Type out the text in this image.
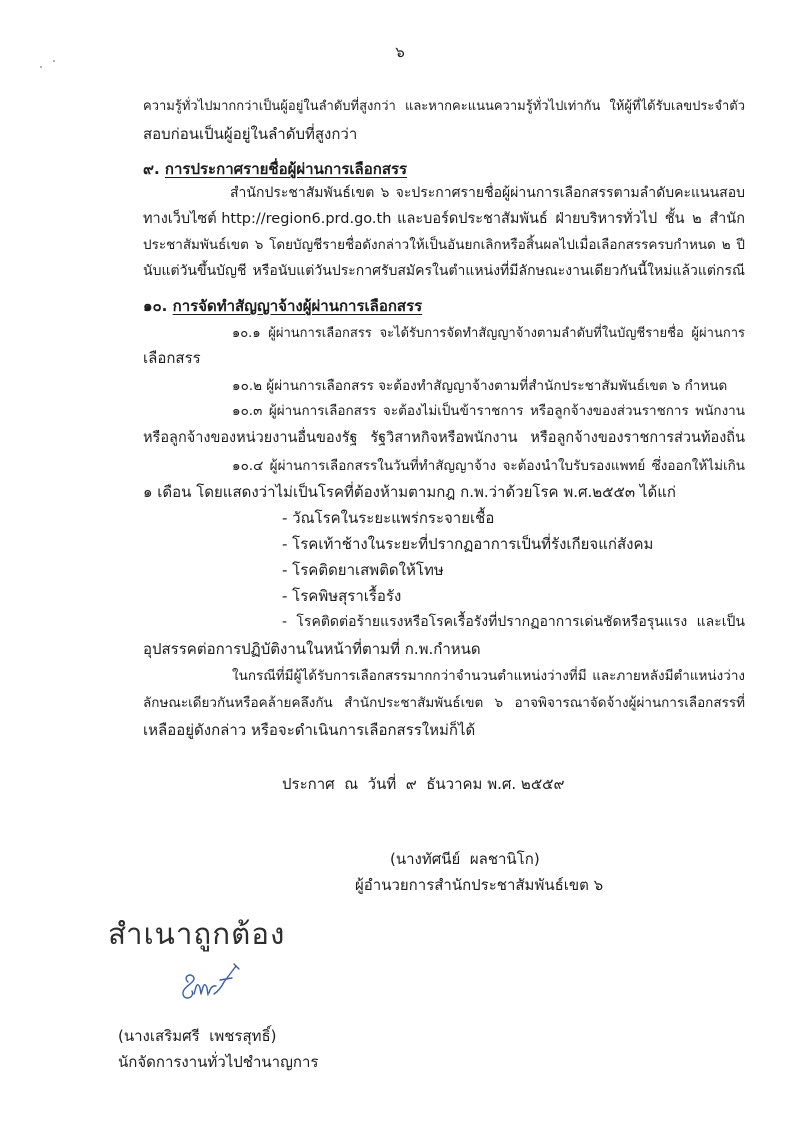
๖
ความรู้ทั่วไปมากกว่าเป็นผู้อยู่ในลำดับที่สูงกว่า และหากคะแนนความรู้ทั่วไปเท่ากัน ให้ผู้ที่ได้รับเลขประจำตัว
สอบก่อนเป็นผู้อยู่ในลำดับที่สูงกว่า
๙. การประกาศรายชื่อผู้ผ่านการเลือกสรร
สำนักประชาสัมพันธ์เขต ๖ จะประกาศรายชื่อผู้ผ่านการเลือกสรรตามลำดับคะแนนสอบ
ทางเว็บไซต์ http://region6.prd.go.th และบอร์ดประชาสัมพันธ์ ฝ่ายบริหารทั่วไป ชั้น ๒ สำนัก
ประชาสัมพันธ์เขต ๖ โดยบัญชีรายชื่อดังกล่าวให้เป็นอันยกเลิกหรือสิ้นผลไปเมื่อเลือกสรรครบกำหนด ๒ ปี
นับแต่วันขึ้นบัญชี หรือนับแต่วันประกาศรับสมัครในตำแหน่งที่มีลักษณะงานเดียวกันนี้ใหม่แล้วแต่กรณี
๑๐. การจัดทำสัญญาจ้างผู้ผ่านการเลือกสรร
๑๐.๑ ผู้ผ่านการเลือกสรร จะได้รับการจัดทำสัญญาจ้างตามลำดับที่ในบัญชีรายชื่อ ผู้ผ่านการ
เลือกสรร
๑๐.๒ ผู้ผ่านการเลือกสรร จะต้องทำสัญญาจ้างตามที่สำนักประชาสัมพันธ์เขต ๖ กำหนด
๑๐.๓ ผู้ผ่านการเลือกสรร จะต้องไม่เป็นข้าราชการ หรือลูกจ้างของส่วนราชการ พนักงาน
หรือลูกจ้างของหน่วยงานอื่นของรัฐ รัฐวิสาหกิจหรือพนักงาน หรือลูกจ้างของราชการส่วนท้องถิ่น
๑๐.๔ ผู้ผ่านการเลือกสรรในวันที่ทำสัญญาจ้าง จะต้องนำใบรับรองแพทย์ ซึ่งออกให้ไม่เกิน
๑ เดือน โดยแสดงว่าไม่เป็นโรคที่ต้องห้ามตามกฎ ก.พ.ว่าด้วยโรค พ.ศ.๒๕๕๓ ได้แก่
- วัณโรคในระยะแพร่กระจายเชื้อ
- โรคเท้าช้างในระยะที่ปรากฏอาการเป็นที่รังเกียจแก่สังคม
- โรคติดยาเสพติดให้โทษ
- โรคพิษสุราเรื้อรัง
- โรคติดต่อร้ายแรงหรือโรคเรื้อรังที่ปรากฏอาการเด่นชัดหรือรุนแรง และเป็น
อุปสรรคต่อการปฏิบัติงานในหน้าที่ตามที่ ก.พ.กำหนด
ในกรณีที่มีผู้ได้รับการเลือกสรรมากกว่าจำนวนตำแหน่งว่างที่มี และภายหลังมีตำแหน่งว่าง
ลักษณะเดียวกันหรือคล้ายคลึงกัน สำนักประชาสัมพันธ์เขต ๖ อาจพิจารณาจัดจ้างผู้ผ่านการเลือกสรรที่
เหลืออยู่ดังกล่าว หรือจะดำเนินการเลือกสรรใหม่ก็ได้
ประกาศ  ณ  วันที่  ๙  ธันวาคม พ.ศ. ๒๕๕๙

(นางทัศนีย์  ผลชานิโก)
ผู้อำนวยการสำนักประชาสัมพันธ์เขต ๖
สำเนาถูกต้อง
(นางเสริมศรี  เพชรสุทธิ์)
นักจัดการงานทั่วไปชำนาญการ
